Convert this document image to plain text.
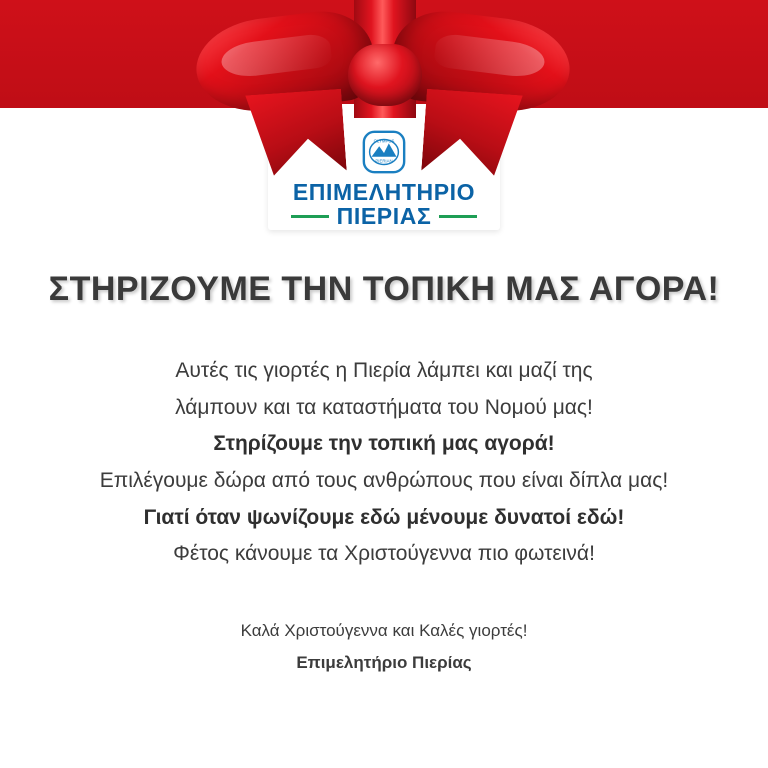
OLYMPUS
PIERIAN
ΕΠΙΜΕΛΗΤΗΡΙΟ
ΠΙΕΡΙΑΣ
ΣΤΗΡΙΖΟΥΜΕ ΤΗΝ ΤΟΠΙΚΗ ΜΑΣ ΑΓΟΡΑ!

Αυτές τις γιορτές η Πιερία λάμπει και μαζί της

λάμπουν και τα καταστήματα του Νομού μας!

Στηρίζουμε την τοπική μας αγορά!

Επιλέγουμε δώρα από τους ανθρώπους που είναι δίπλα μας!

Γιατί όταν ψωνίζουμε εδώ μένουμε δυνατοί εδώ!

Φέτος κάνουμε τα Χριστούγεννα πιο φωτεινά!

Καλά Χριστούγεννα και Καλές γιορτές!

Επιμελητήριο Πιερίας
